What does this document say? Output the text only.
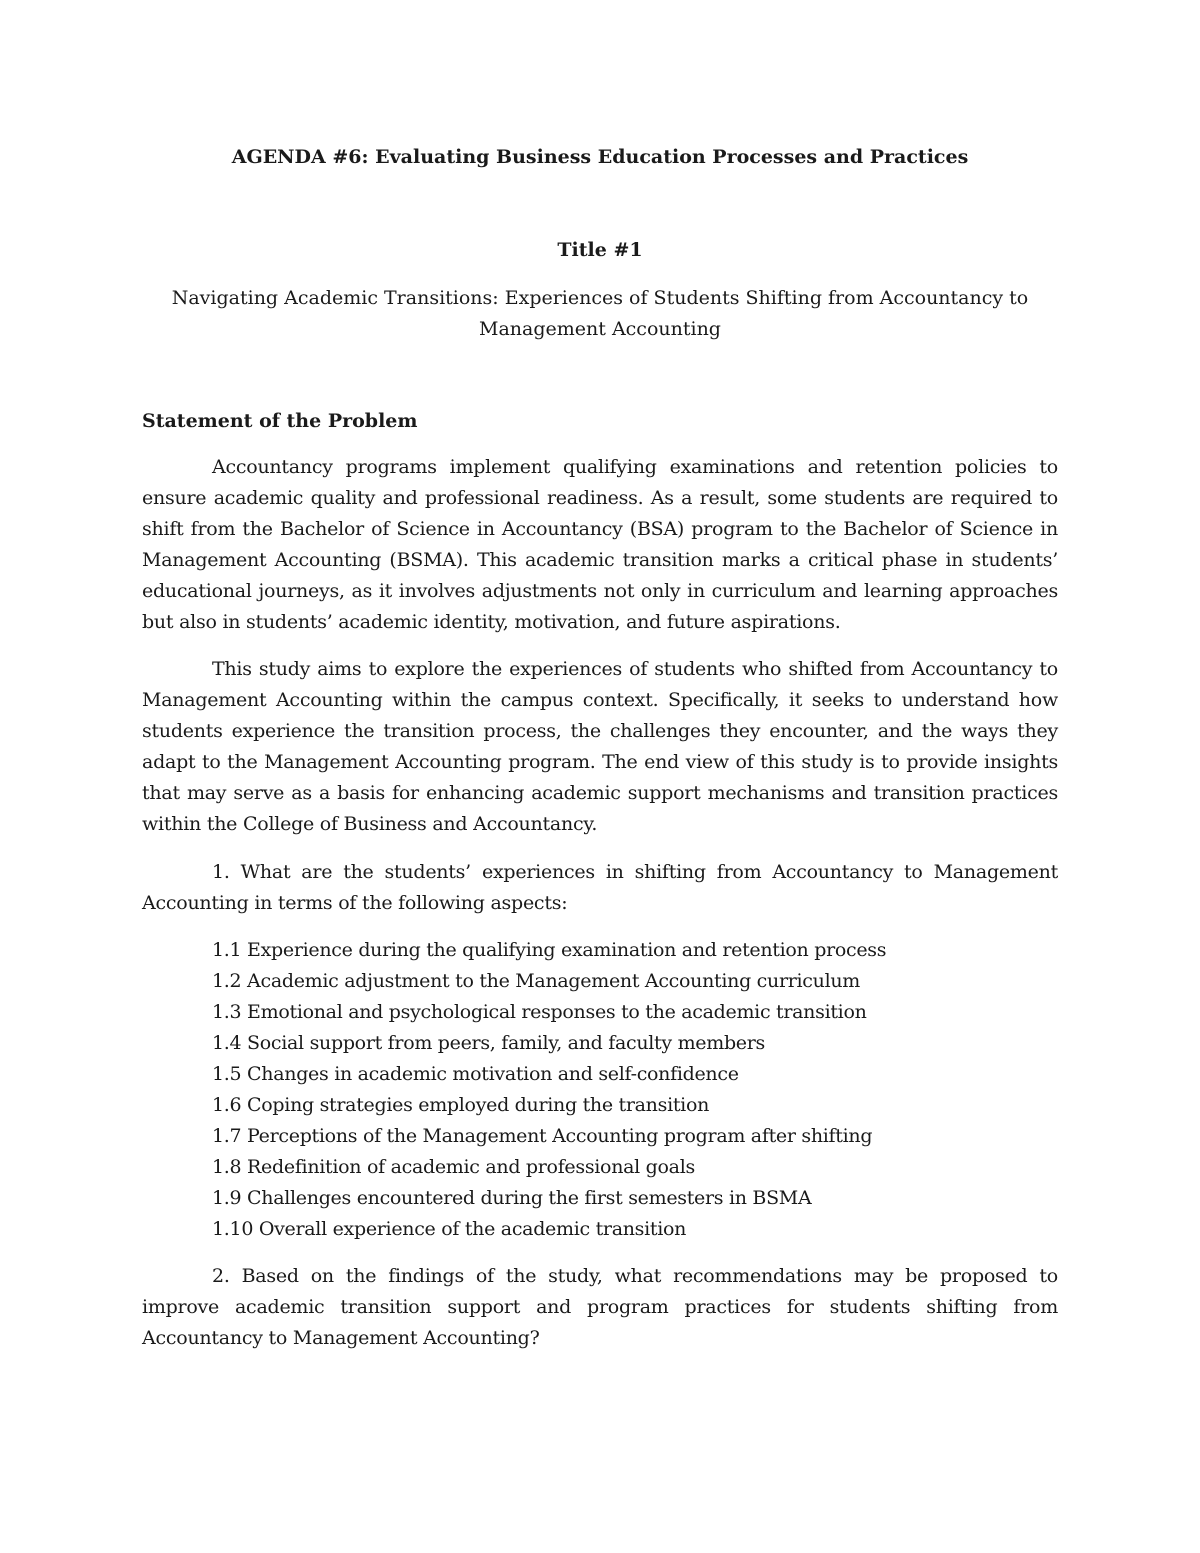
AGENDA #6: Evaluating Business Education Processes and Practices
Title #1
Navigating Academic Transitions: Experiences of Students Shifting from Accountancy to
Management Accounting
Statement of the Problem

Accountancy programs implement qualifying examinations and retention policies to ensure academic quality and professional readiness. As a result, some students are required to shift from the Bachelor of Science in Accountancy (BSA) program to the Bachelor of Science in Management Accounting (BSMA). This academic transition marks a critical phase in students’ educational journeys, as it involves adjustments not only in curriculum and learning approaches but also in students’ academic identity, motivation, and future aspirations.

This study aims to explore the experiences of students who shifted from Accountancy to Management Accounting within the campus context. Specifically, it seeks to understand how students experience the transition process, the challenges they encounter, and the ways they adapt to the Management Accounting program. The end view of this study is to provide insights that may serve as a basis for enhancing academic support mechanisms and transition practices within the College of Business and Accountancy.

1. What are the students’ experiences in shifting from Accountancy to Management Accounting in terms of the following aspects:

1.1 Experience during the qualifying examination and retention process
1.2 Academic adjustment to the Management Accounting curriculum
1.3 Emotional and psychological responses to the academic transition
1.4 Social support from peers, family, and faculty members
1.5 Changes in academic motivation and self-confidence
1.6 Coping strategies employed during the transition
1.7 Perceptions of the Management Accounting program after shifting
1.8 Redefinition of academic and professional goals
1.9 Challenges encountered during the first semesters in BSMA
1.10 Overall experience of the academic transition

2. Based on the findings of the study, what recommendations may be proposed to improve academic transition support and program practices for students shifting from Accountancy to Management Accounting?
